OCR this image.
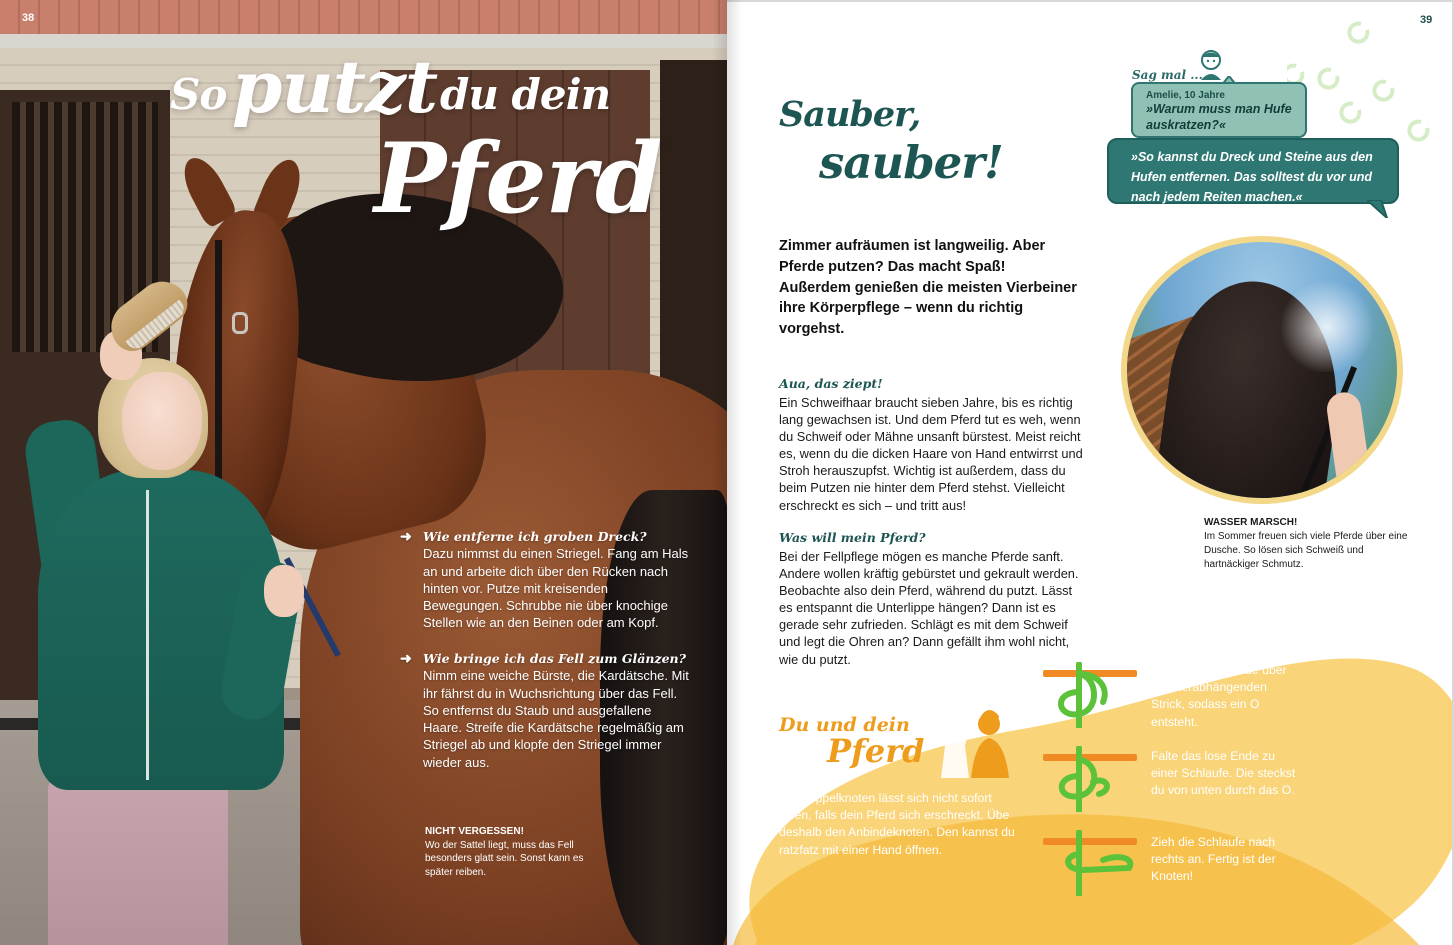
38
So putzt du dein
Pferd
➜ Wie entferne ich groben Dreck?
Dazu nimmst du einen Striegel. Fang am Hals an und arbeite dich über den Rücken nach hinten vor. Putze mit kreisenden Bewegungen. Schrubbe nie über knochige Stellen wie an den Beinen oder am Kopf.
➜ Wie bringe ich das Fell zum Glänzen?
Nimm eine weiche Bürste, die Kardätsche. Mit ihr fährst du in Wuchsrichtung über das Fell. So entfernst du Staub und ausgefallene Haare. Streife die Kardätsche regelmäßig am Striegel ab und klopfe den Striegel immer wieder aus.
NICHT VERGESSEN!
Wo der Sattel liegt, muss das Fell besonders glatt sein. Sonst kann es später reiben.
39
Sauber,
sauber!
Zimmer aufräumen ist langweilig. Aber Pferde putzen? Das macht Spaß! Außerdem genießen die meisten Vierbeiner ihre Körperpflege – wenn du richtig vorgehst.
Aua, das ziept!
Ein Schweifhaar braucht sieben Jahre, bis es richtig lang gewachsen ist. Und dem Pferd tut es weh, wenn du Schweif oder Mähne unsanft bürstest. Meist reicht es, wenn du die dicken Haare von Hand entwirrst und Stroh herauszupfst. Wichtig ist außerdem, dass du beim Putzen nie hinter dem Pferd stehst. Vielleicht erschreckt es sich – und tritt aus!
Was will mein Pferd?
Bei der Fellpflege mögen es manche Pferde sanft. Andere wollen kräftig gebürstet und gekrault werden. Beobachte also dein Pferd, während du putzt. Lässt es entspannt die Unterlippe hängen? Dann ist es gerade sehr zufrieden. Schlägt es mit dem Schweif und legt die Ohren an? Dann gefällt ihm wohl nicht, wie du putzt.
Sag mal ...
Amelie, 10 Jahre
»Warum muss man Hufe auskratzen?«
»So kannst du Dreck und Steine aus den Hufen entfernen. Das solltest du vor und nach jedem Reiten machen.«
WASSER MARSCH!
Im Sommer freuen sich viele Pferde über eine Dusche. So lösen sich Schweiß und hartnäckiger Schmutz.
Du und dein
Pferd
Ein Doppelknoten lässt sich nicht sofort lösen, falls dein Pferd sich erschreckt. Übe deshalb den Anbindeknoten. Den kannst du ratzfatz mit einer Hand öffnen.
Lege das lose Ende über den herabhängenden Strick, sodass ein O entsteht.
Falte das lose Ende zu einer Schlaufe. Die steckst du von unten durch das O.
Zieh die Schlaufe nach rechts an. Fertig ist der Knoten!
